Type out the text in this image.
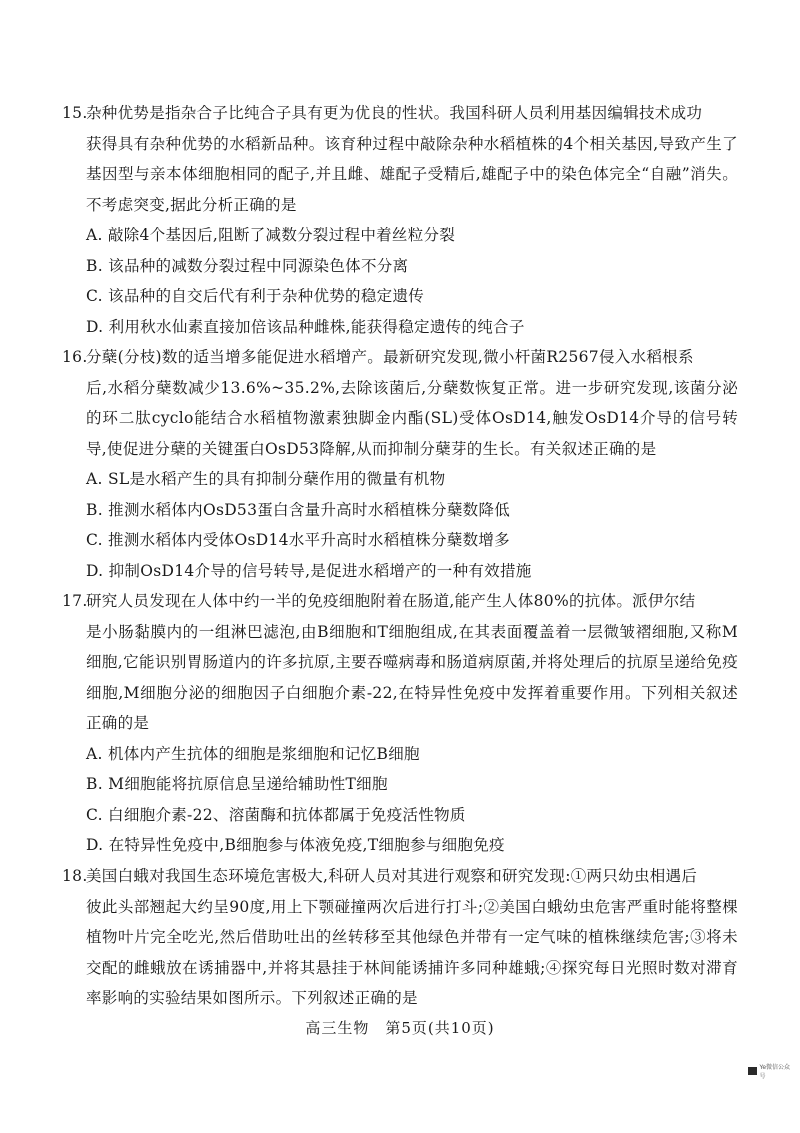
15.杂种优势是指杂合子比纯合子具有更为优良的性状。我国科研人员利用基因编辑技术成功
获得具有杂种优势的水稻新品种。该育种过程中敲除杂种水稻植株的4个相关基因,导致产生了基因型与亲本体细胞相同的配子,并且雌、雄配子受精后,雄配子中的染色体完全“自融”消失。不考虑突变,据此分析正确的是
A. 敲除4个基因后,阻断了减数分裂过程中着丝粒分裂
B. 该品种的减数分裂过程中同源染色体不分离
C. 该品种的自交后代有利于杂种优势的稳定遗传
D. 利用秋水仙素直接加倍该品种雌株,能获得稳定遗传的纯合子
16.分蘖(分枝)数的适当增多能促进水稻增产。最新研究发现,微小杆菌R2567侵入水稻根系
后,水稻分蘖数减少13.6%~35.2%,去除该菌后,分蘖数恢复正常。进一步研究发现,该菌分泌的环二肽cyclo能结合水稻植物激素独脚金内酯(SL)受体OsD14,触发OsD14介导的信号转导,使促进分蘖的关键蛋白OsD53降解,从而抑制分蘖芽的生长。有关叙述正确的是
A. SL是水稻产生的具有抑制分蘖作用的微量有机物
B. 推测水稻体内OsD53蛋白含量升高时水稻植株分蘖数降低
C. 推测水稻体内受体OsD14水平升高时水稻植株分蘖数增多
D. 抑制OsD14介导的信号转导,是促进水稻增产的一种有效措施
17.研究人员发现在人体中约一半的免疫细胞附着在肠道,能产生人体80%的抗体。派伊尔结
是小肠黏膜内的一组淋巴滤泡,由B细胞和T细胞组成,在其表面覆盖着一层微皱褶细胞,又称M细胞,它能识别胃肠道内的许多抗原,主要吞噬病毒和肠道病原菌,并将处理后的抗原呈递给免疫细胞,M细胞分泌的细胞因子白细胞介素-22,在特异性免疫中发挥着重要作用。下列相关叙述正确的是
A. 机体内产生抗体的细胞是浆细胞和记忆B细胞
B. M细胞能将抗原信息呈递给辅助性T细胞
C. 白细胞介素-22、溶菌酶和抗体都属于免疫活性物质
D. 在特异性免疫中,B细胞参与体液免疫,T细胞参与细胞免疫
18.美国白蛾对我国生态环境危害极大,科研人员对其进行观察和研究发现:①两只幼虫相遇后
彼此头部翘起大约呈90度,用上下颚碰撞两次后进行打斗;②美国白蛾幼虫危害严重时能将整棵植物叶片完全吃光,然后借助吐出的丝转移至其他绿色并带有一定气味的植株继续危害;③将未交配的雌蛾放在诱捕器中,并将其悬挂于林间能诱捕许多同种雄蛾;④探究每日光照时数对滞育率影响的实验结果如图所示。下列叙述正确的是
高三生物　第5页(共10页)
Ye微信公众号
